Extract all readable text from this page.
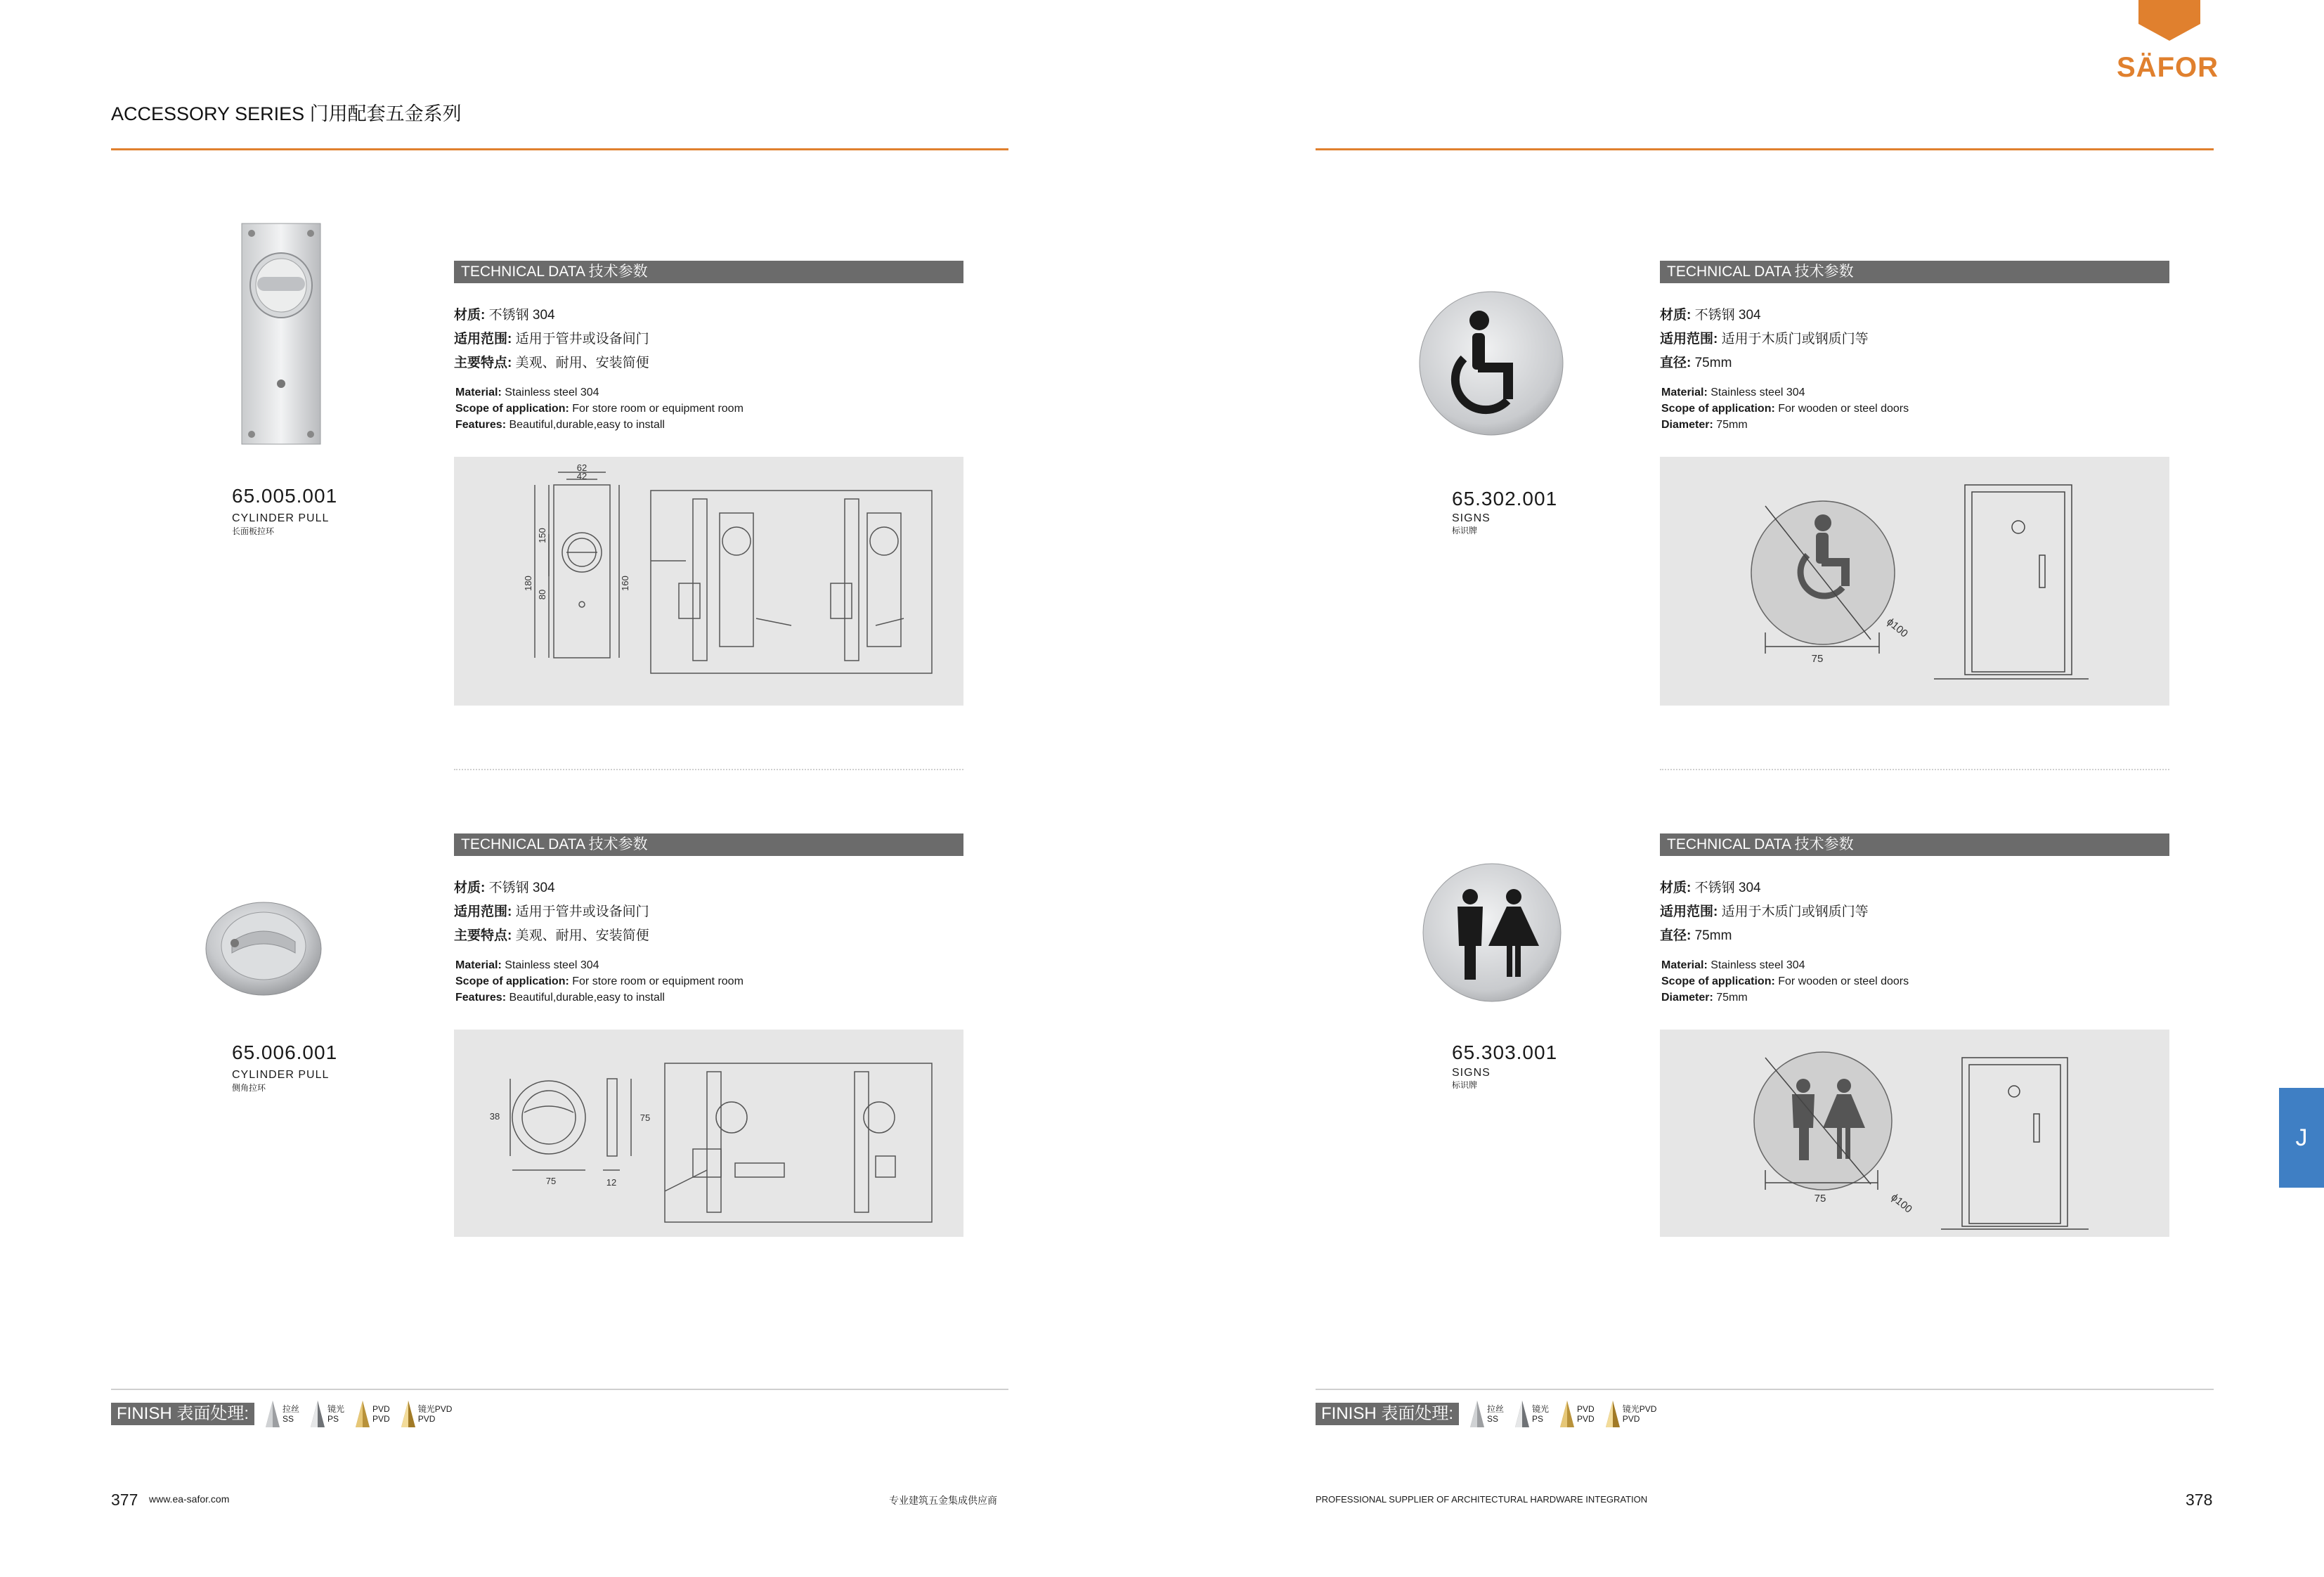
ACCESSORY SERIES 门用配套五金系列
SÄFOR
65.005.001
CYLINDER PULL
长面板拉环
TECHNICAL DATA 技术参数
材质: 不锈钢 304
适用范围: 适用于管井或设备间门
主要特点: 美观、耐用、安装简便
Material: Stainless steel 304
Scope of application: For store room or equipment room
Features: Beautiful,durable,easy to install
62
42
150
180
80
160
65.006.001
CYLINDER PULL
侧角拉环
TECHNICAL DATA 技术参数
材质: 不锈钢 304
适用范围: 适用于管井或设备间门
主要特点: 美观、耐用、安装简便
Material: Stainless steel 304
Scope of application: For store room or equipment room
Features: Beautiful,durable,easy to install
38
75
75
12
65.302.001
SIGNS
标识牌
TECHNICAL DATA 技术参数
材质: 不锈钢 304
适用范围: 适用于木质门或钢质门等
直径: 75mm
Material: Stainless steel 304
Scope of application: For wooden or steel doors
Diameter: 75mm
75
ϕ100
65.303.001
SIGNS
标识牌
TECHNICAL DATA 技术参数
材质: 不锈钢 304
适用范围: 适用于木质门或钢质门等
直径: 75mm
Material: Stainless steel 304
Scope of application: For wooden or steel doors
Diameter: 75mm
75	ϕ100
FINISH 表面处理:	拉丝
SS
镜光
PS
PVD
PVD
镜光PVD
PVD	FINISH 表面处理:	拉丝
SS
镜光
PS
PVD
PVD
镜光PVD
PVD
377 www.ea-safor.com	专业建筑五金集成供应商	PROFESSIONAL SUPPLIER OF ARCHITECTURAL HARDWARE INTEGRATION	378
J
